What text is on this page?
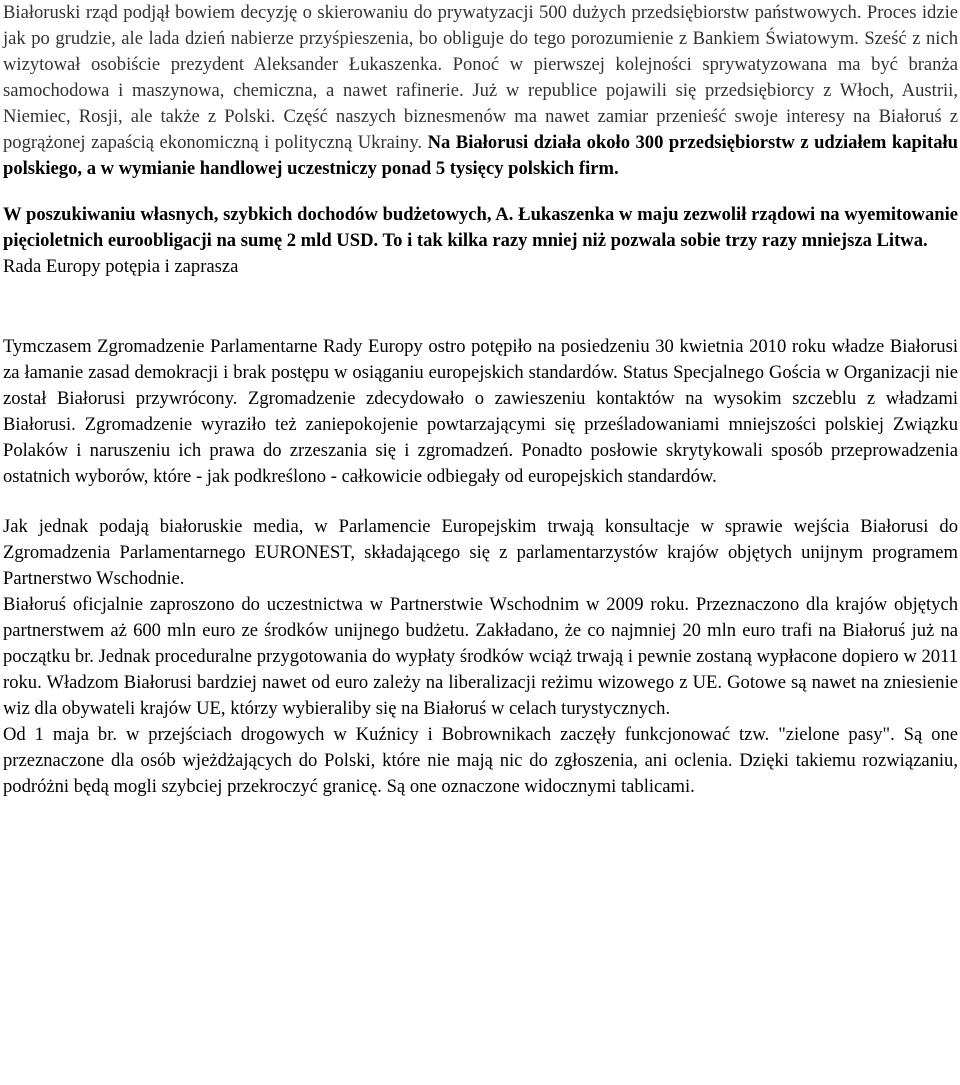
Białoruski rząd podjął bowiem decyzję o skierowaniu do prywatyzacji 500 dużych przedsiębiorstw państwowych. Proces idzie jak po grudzie, ale lada dzień nabierze przyśpieszenia, bo obliguje do tego porozumienie z Bankiem Światowym. Sześć z nich wizytował osobiście prezydent Aleksander Łukaszenka. Ponoć w pierwszej kolejności sprywatyzowana ma być branża samochodowa i maszynowa, chemiczna, a nawet rafinerie. Już w republice pojawili się przedsiębiorcy z Włoch, Austrii, Niemiec, Rosji, ale także z Polski. Część naszych biznesmenów ma nawet zamiar przenieść swoje interesy na Białoruś z pogrążonej zapaścią ekonomiczną i polityczną Ukrainy. Na Białorusi działa około 300 przedsiębiorstw z udziałem kapitału polskiego, a w wymianie handlowej uczestniczy ponad 5 tysięcy polskich firm.

W poszukiwaniu własnych, szybkich dochodów budżetowych, A. Łukaszenka w maju zezwolił rządowi na wyemitowanie pięcioletnich euroobligacji na sumę 2 mld USD. To i tak kilka razy mniej niż pozwala sobie trzy razy mniejsza Litwa.

Rada Europy potępia i zaprasza

Tymczasem Zgromadzenie Parlamentarne Rady Europy ostro potępiło na posiedzeniu 30 kwietnia 2010 roku władze Białorusi za łamanie zasad demokracji i brak postępu w osiąganiu europejskich standardów. Status Specjalnego Gościa w Organizacji nie został Białorusi przywrócony. Zgromadzenie zdecydowało o zawieszeniu kontaktów na wysokim szczeblu z władzami Białorusi. Zgromadzenie wyraziło też zaniepokojenie powtarzającymi się prześladowaniami mniejszości polskiej Związku Polaków i naruszeniu ich prawa do zrzeszania się i zgromadzeń. Ponadto posłowie skrytykowali sposób przeprowadzenia ostatnich wyborów, które - jak podkreślono - całkowicie odbiegały od europejskich standardów.

Jak jednak podają białoruskie media, w Parlamencie Europejskim trwają konsultacje w sprawie wejścia Białorusi do Zgromadzenia Parlamentarnego EURONEST, składającego się z parlamentarzystów krajów objętych unijnym programem Partnerstwo Wschodnie.

Białoruś oficjalnie zaproszono do uczestnictwa w Partnerstwie Wschodnim w 2009 roku. Przeznaczono dla krajów objętych partnerstwem aż 600 mln euro ze środków unijnego budżetu. Zakładano, że co najmniej 20 mln euro trafi na Białoruś już na początku br. Jednak proceduralne przygotowania do wypłaty środków wciąż trwają i pewnie zostaną wypłacone dopiero w 2011 roku. Władzom Białorusi bardziej nawet od euro zależy na liberalizacji reżimu wizowego z UE. Gotowe są nawet na zniesienie wiz dla obywateli krajów UE, którzy wybieraliby się na Białoruś w celach turystycznych.

Od 1 maja br. w przejściach drogowych w Kuźnicy i Bobrownikach zaczęły funkcjonować tzw. "zielone pasy". Są one przeznaczone dla osób wjeżdżających do Polski, które nie mają nic do zgłoszenia, ani oclenia. Dzięki takiemu rozwiązaniu, podróżni będą mogli szybciej przekroczyć granicę. Są one oznaczone widocznymi tablicami.
